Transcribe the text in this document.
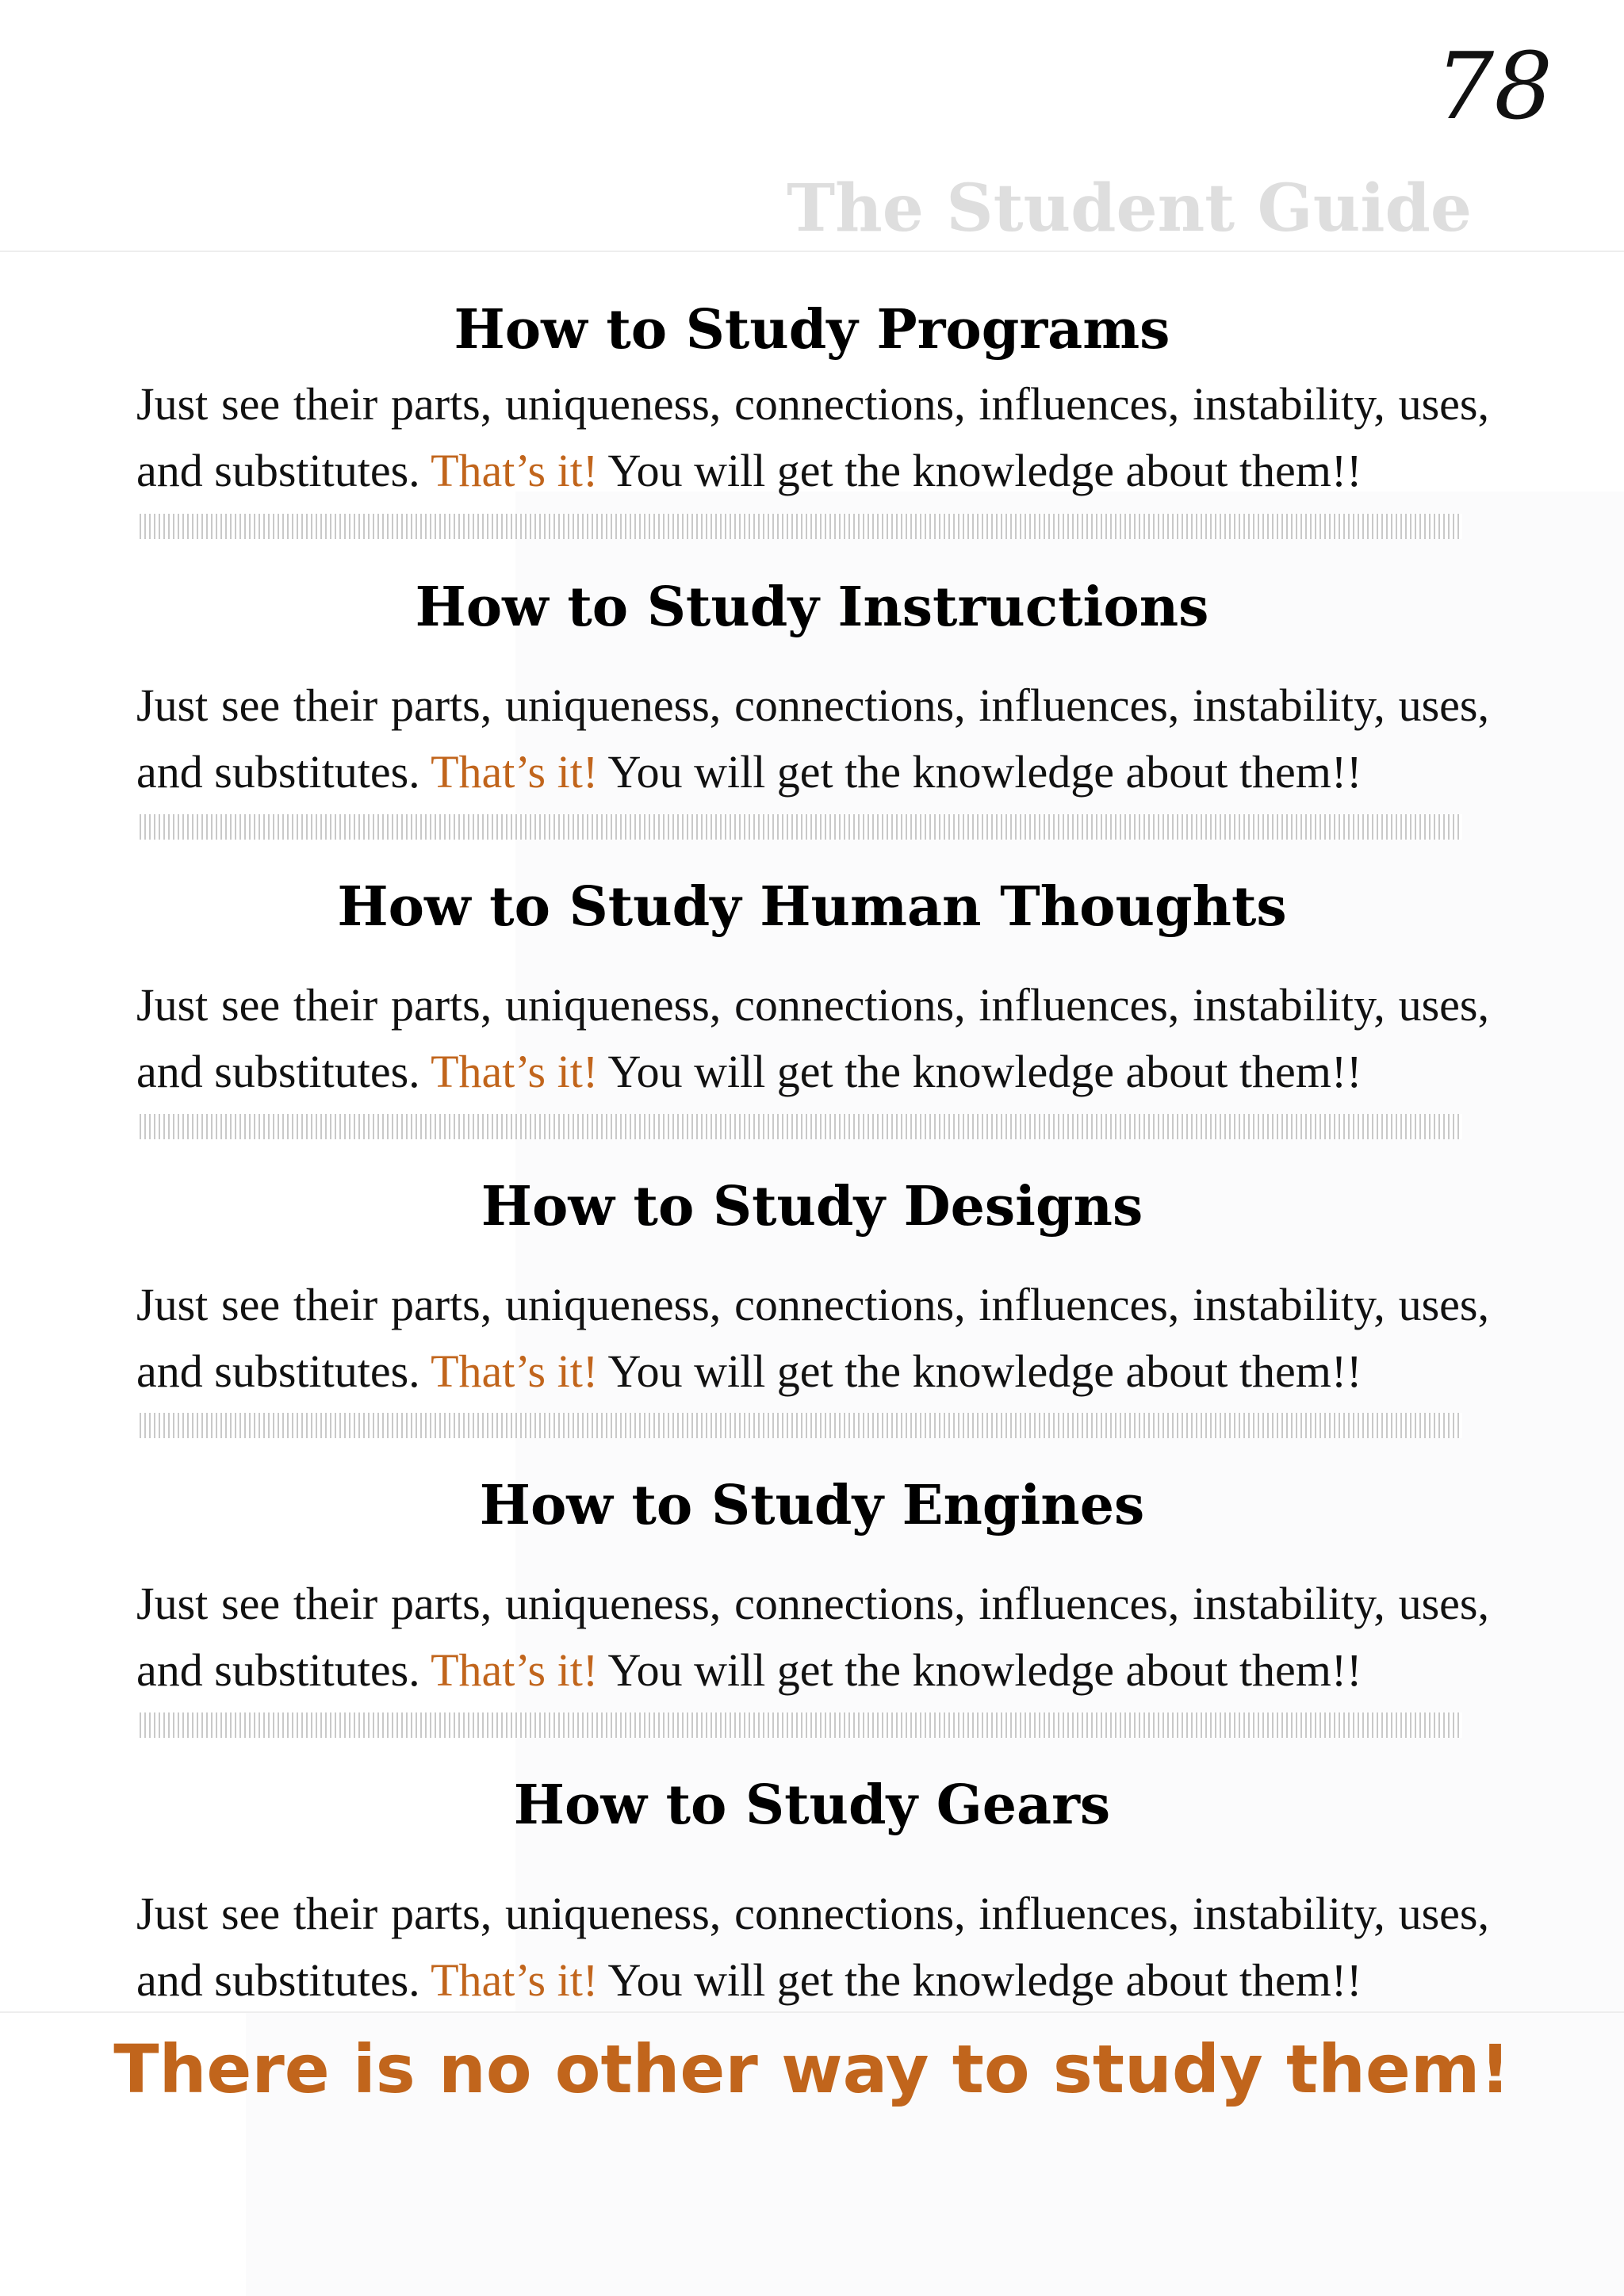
78
The Student Guide
How to Study Programs
Just see their parts, uniqueness, connections, influences, instability, uses,
and substitutes. That’s it! You will get the knowledge about them!!
How to Study Instructions
Just see their parts, uniqueness, connections, influences, instability, uses,
and substitutes. That’s it! You will get the knowledge about them!!
How to Study Human Thoughts
Just see their parts, uniqueness, connections, influences, instability, uses,
and substitutes. That’s it! You will get the knowledge about them!!
How to Study Designs
Just see their parts, uniqueness, connections, influences, instability, uses,
and substitutes. That’s it! You will get the knowledge about them!!
How to Study Engines
Just see their parts, uniqueness, connections, influences, instability, uses,
and substitutes. That’s it! You will get the knowledge about them!!
How to Study Gears
Just see their parts, uniqueness, connections, influences, instability, uses,
and substitutes. That’s it! You will get the knowledge about them!!
There is no other way to study them!
